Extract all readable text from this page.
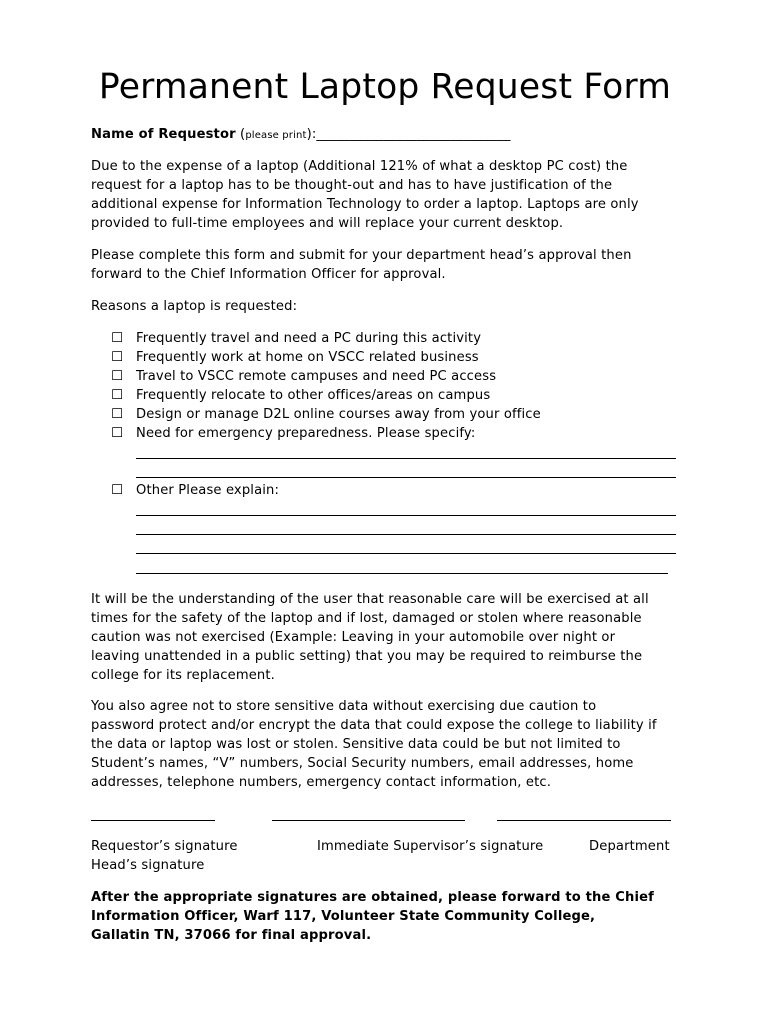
Permanent Laptop Request Form
Name of Requestor (please print):_____________________________
Due to the expense of a laptop (Additional 121% of what a desktop PC cost) the
request for a laptop has to be thought-out and has to have justification of the
additional expense for Information Technology to order a laptop. Laptops are only
provided to full-time employees and will replace your current desktop.
Please complete this form and submit for your department head’s approval then
forward to the Chief Information Officer for approval.
Reasons a laptop is requested:
☐ Frequently travel and need a PC during this activity
☐ Frequently work at home on VSCC related business
☐ Travel to VSCC remote campuses and need PC access
☐ Frequently relocate to other offices/areas on campus
☐ Design or manage D2L online courses away from your office
☐ Need for emergency preparedness. Please specify:
☐ Other Please explain:
It will be the understanding of the user that reasonable care will be exercised at all
times for the safety of the laptop and if lost, damaged or stolen where reasonable
caution was not exercised (Example: Leaving in your automobile over night or
leaving unattended in a public setting) that you may be required to reimburse the
college for its replacement.
You also agree not to store sensitive data without exercising due caution to
password protect and/or encrypt the data that could expose the college to liability if
the data or laptop was lost or stolen. Sensitive data could be but not limited to
Student’s names, “V” numbers, Social Security numbers, email addresses, home
addresses, telephone numbers, emergency contact information, etc.
Requestor’s signature	Immediate Supervisor’s signature	Department
Head’s signature
After the appropriate signatures are obtained, please forward to the Chief
Information Officer, Warf 117, Volunteer State Community College,
Gallatin TN, 37066 for final approval.
